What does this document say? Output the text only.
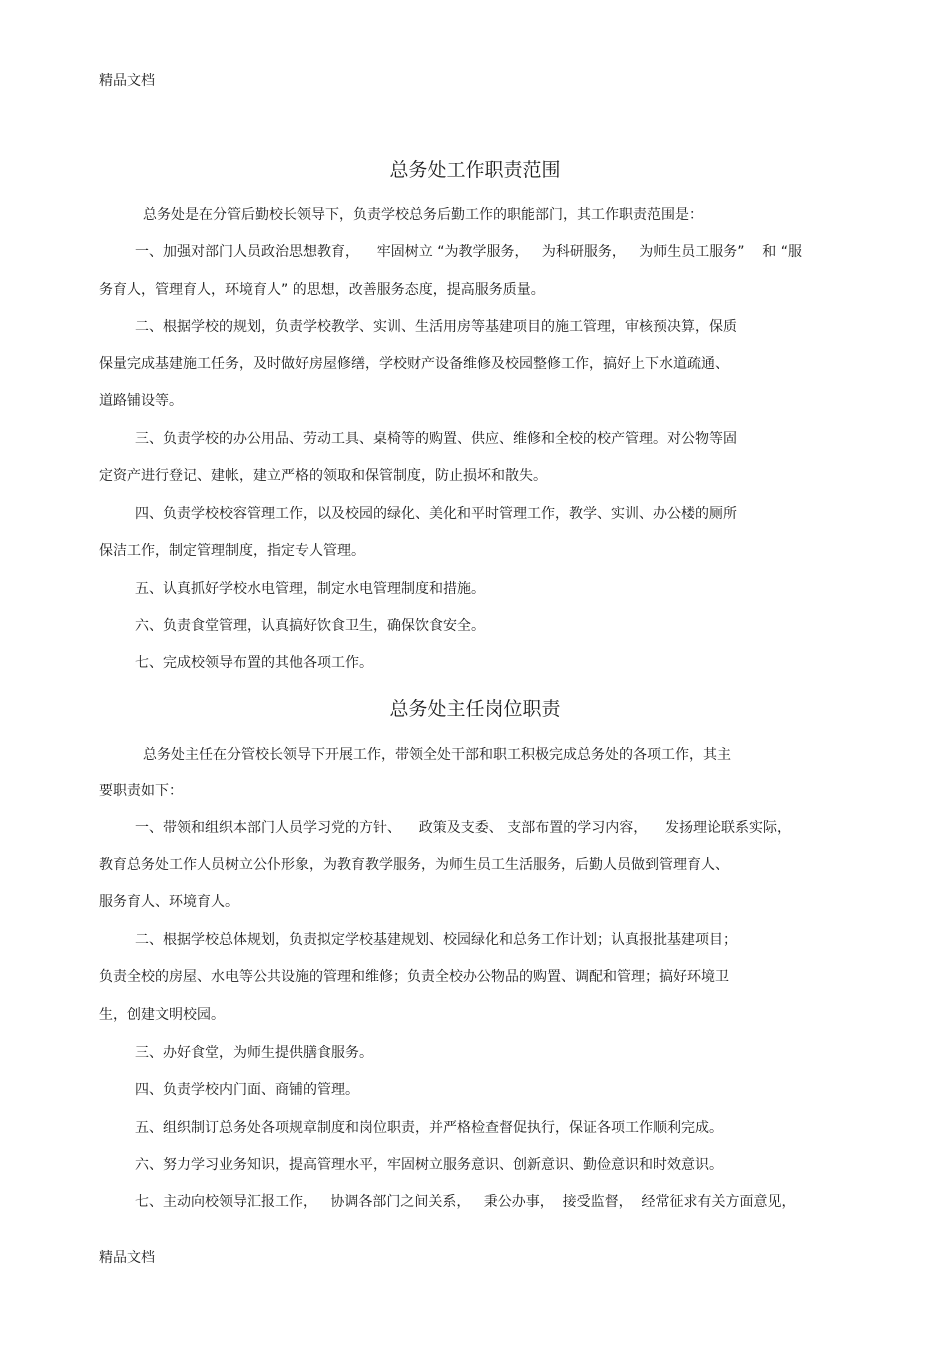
精品文档
总务处工作职责范围
总务处是在分管后勤校长领导下，负责学校总务后勤工作的职能部门，其工作职责范围是：
一、加强对部门人员政治思想教育，    牢固树立 “为教学服务，   为科研服务，   为师生员工服务”    和 “服
务育人，管理育人，环境育人” 的思想，改善服务态度，提高服务质量。
二、根据学校的规划，负责学校教学、实训、生活用房等基建项目的施工管理，审核预决算，保质
保量完成基建施工任务，及时做好房屋修缮，学校财产设备维修及校园整修工作，搞好上下水道疏通、
道路铺设等。
三、负责学校的办公用品、劳动工具、桌椅等的购置、供应、维修和全校的校产管理。对公物等固
定资产进行登记、建帐，建立严格的领取和保管制度，防止损坏和散失。
四、负责学校校容管理工作，以及校园的绿化、美化和平时管理工作，教学、实训、办公楼的厕所
保洁工作，制定管理制度，指定专人管理。
五、认真抓好学校水电管理，制定水电管理制度和措施。
六、负责食堂管理，认真搞好饮食卫生，确保饮食安全。
七、完成校领导布置的其他各项工作。
总务处主任岗位职责
总务处主任在分管校长领导下开展工作，带领全处干部和职工积极完成总务处的各项工作，其主
要职责如下：
一、带领和组织本部门人员学习党的方针、    政策及支委、 支部布置的学习内容，    发扬理论联系实际，
教育总务处工作人员树立公仆形象，为教育教学服务，为师生员工生活服务，后勤人员做到管理育人、
服务育人、环境育人。
二、根据学校总体规划，负责拟定学校基建规划、校园绿化和总务工作计划；认真报批基建项目；
负责全校的房屋、水电等公共设施的管理和维修；负责全校办公物品的购置、调配和管理；搞好环境卫
生，创建文明校园。
三、办好食堂，为师生提供膳食服务。
四、负责学校内门面、商铺的管理。
五、组织制订总务处各项规章制度和岗位职责，并严格检查督促执行，保证各项工作顺利完成。
六、努力学习业务知识，提高管理水平，牢固树立服务意识、创新意识、勤俭意识和时效意识。
七、主动向校领导汇报工作，   协调各部门之间关系，   秉公办事，  接受监督，  经常征求有关方面意见，
精品文档
